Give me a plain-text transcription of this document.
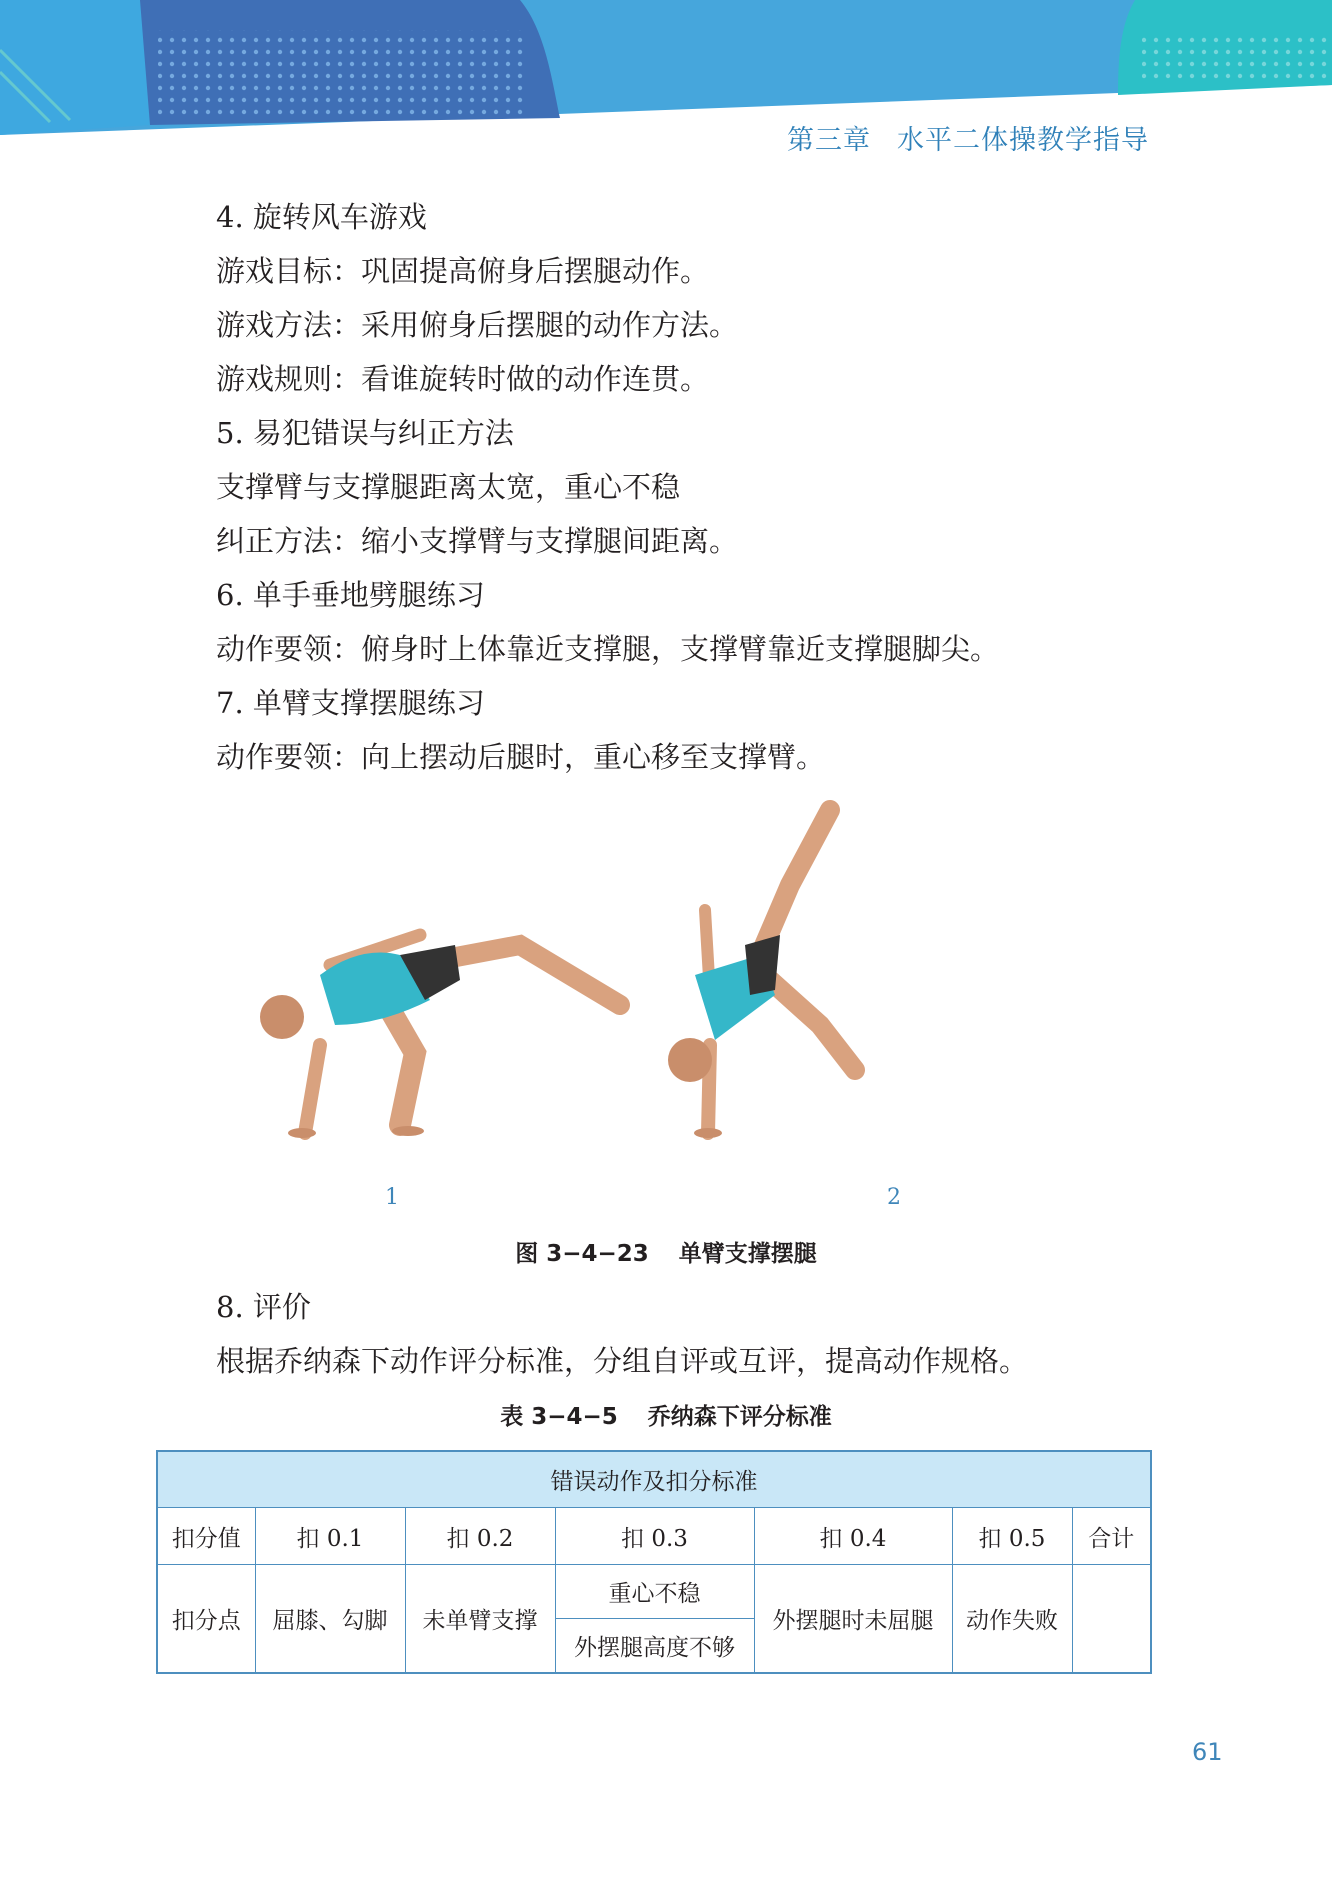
第三章 水平二体操教学指导

4. 旋转风车游戏

游戏目标：巩固提高俯身后摆腿动作。

游戏方法：采用俯身后摆腿的动作方法。

游戏规则：看谁旋转时做的动作连贯。

5. 易犯错误与纠正方法

支撑臂与支撑腿距离太宽，重心不稳

纠正方法：缩小支撑臂与支撑腿间距离。

6. 单手垂地劈腿练习

动作要领：俯身时上体靠近支撑腿，支撑臂靠近支撑腿脚尖。

7. 单臂支撑摆腿练习

动作要领：向上摆动后腿时，重心移至支撑臂。

1	2
图 3−4−23 单臂支撑摆腿

8. 评价

根据乔纳森下动作评分标准，分组自评或互评，提高动作规格。

表 3−4−5 乔纳森下评分标准
错误动作及扣分标准						
扣分值	扣 0.1	扣 0.2	扣 0.3	扣 0.4	扣 0.5	合计
扣分点	屈膝、勾脚	未单臂支撑	重心不稳	外摆腿时未屈腿	动作失败	
			外摆腿高度不够			
61
